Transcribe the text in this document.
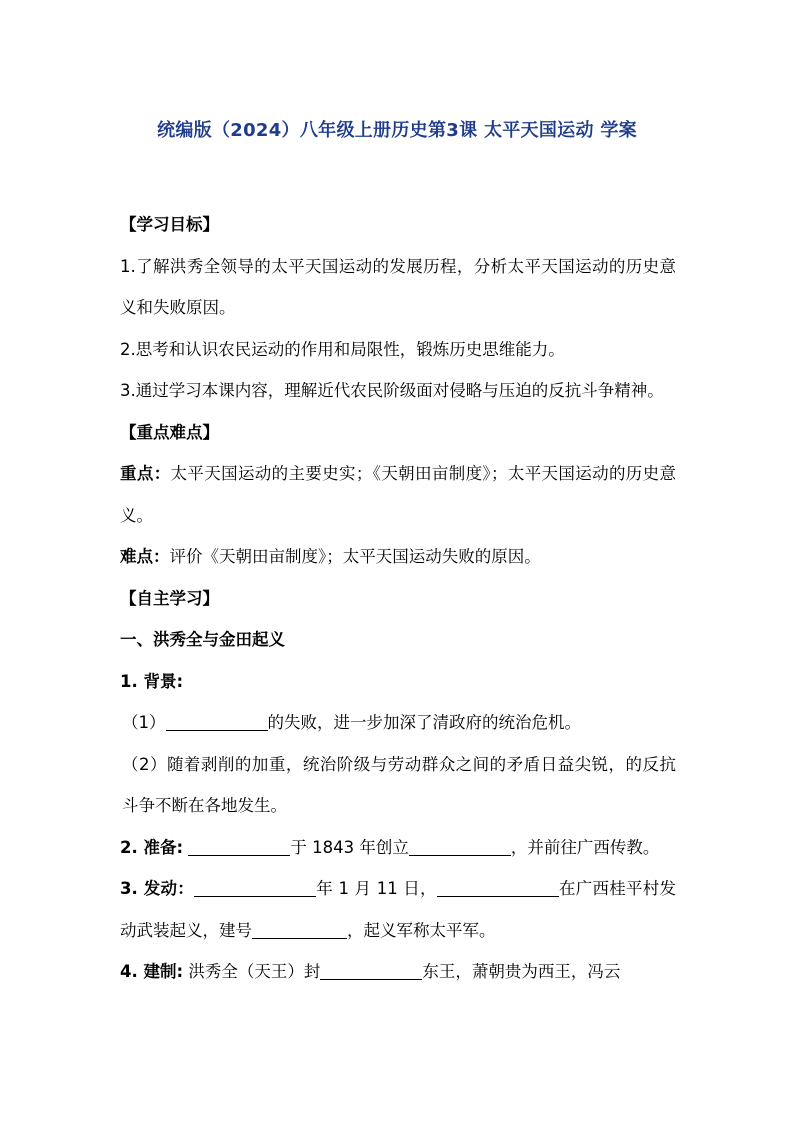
统编版（2024）八年级上册历史第3课 太平天国运动 学案

【学习目标】

1.了解洪秀全领导的太平天国运动的发展历程，分析太平天国运动的历史意义和失败原因。

2.思考和认识农民运动的作用和局限性，锻炼历史思维能力。

3.通过学习本课内容，理解近代农民阶级面对侵略与压迫的反抗斗争精神。

【重点难点】

重点：太平天国运动的主要史实；《天朝田亩制度》；太平天国运动的历史意义。

难点：评价《天朝田亩制度》；太平天国运动失败的原因。

【自主学习】

一、洪秀全与金田起义

1. 背景:

（1）	的失败，进一步加深了清政府的统治危机。

（2）随着剥削的加重，统治阶级与劳动群众之间的矛盾日益尖锐，的反抗斗争不断在各地发生。

2. 准备:	于 1843 年创立	，并前往广西传教。

3. 发动：	年 1 月 11 日，	在广西桂平村发动武装起义，建号	，起义军称太平军。

4. 建制: 洪秀全（天王）封	东王，萧朝贵为西王，冯云
